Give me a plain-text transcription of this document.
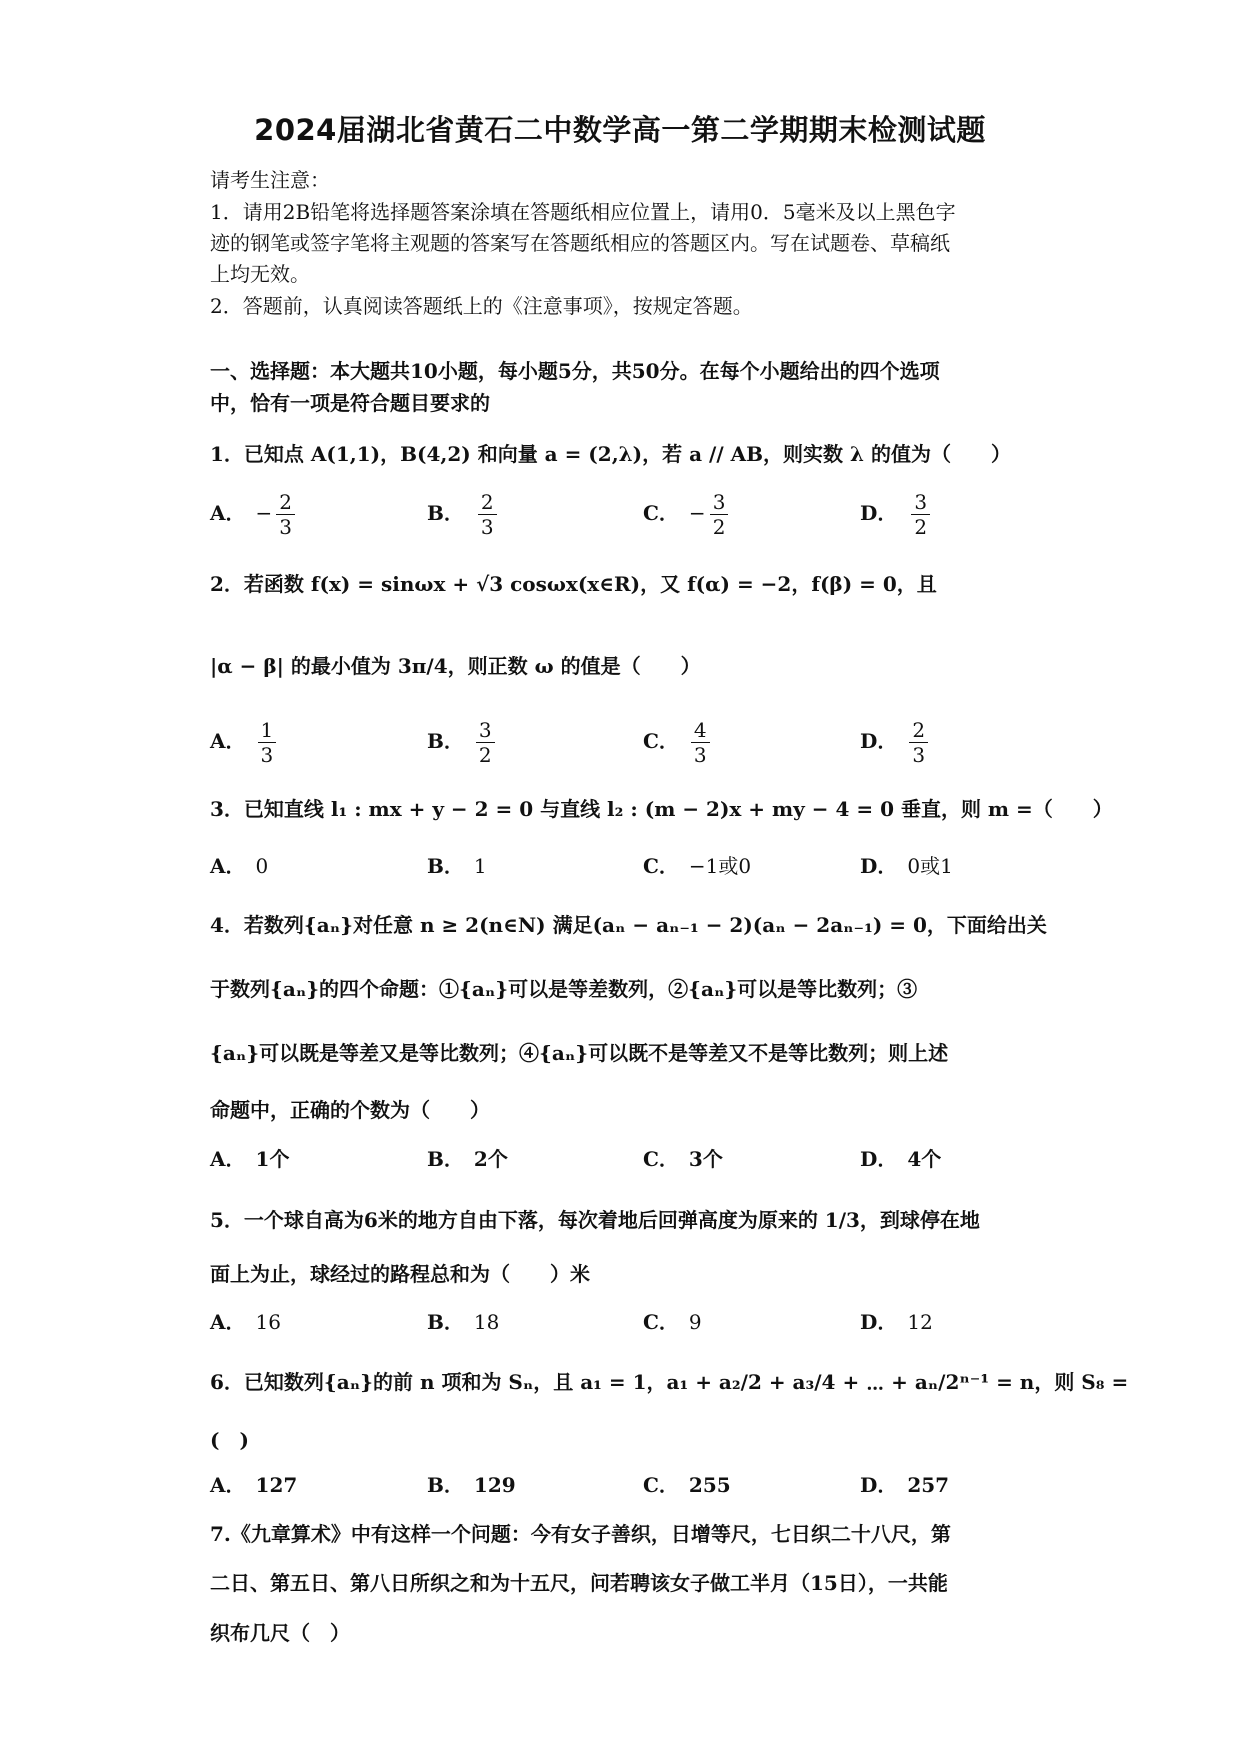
2024届湖北省黄石二中数学高一第二学期期末检测试题
请考生注意：
1．请用2B铅笔将选择题答案涂填在答题纸相应位置上，请用0．5毫米及以上黑色字
迹的钢笔或签字笔将主观题的答案写在答题纸相应的答题区内。写在试题卷、草稿纸
上均无效。
2．答题前，认真阅读答题纸上的《注意事项》，按规定答题。
一、选择题：本大题共10小题，每小题5分，共50分。在每个小题给出的四个选项
中，恰有一项是符合题目要求的
1．已知点 A(1,1)，B(4,2) 和向量 a = (2,λ)，若 a // AB，则实数 λ 的值为（　　）
A． − $\frac{2}{3}$	B． $\frac{2}{3}$	C． − $\frac{3}{2}$	D． $\frac{3}{2}$
2．若函数 f(x) = sinωx + √3 cosωx(x∈R)，又 f(α) = −2，f(β) = 0，且
|α − β| 的最小值为 3π/4，则正数 ω 的值是（　　）
A． $\frac{1}{3}$	B． $\frac{3}{2}$	C． $\frac{4}{3}$	D． $\frac{2}{3}$
3．已知直线 l₁ : mx + y − 2 = 0 与直线 l₂ : (m − 2)x + my − 4 = 0 垂直，则 m =（　　）
A． 0	B． 1	C． −1或0	D． 0或1
4．若数列{aₙ}对任意 n ≥ 2(n∈N) 满足(aₙ − aₙ₋₁ − 2)(aₙ − 2aₙ₋₁) = 0，下面给出关
于数列{aₙ}的四个命题：①{aₙ}可以是等差数列，②{aₙ}可以是等比数列；③
{aₙ}可以既是等差又是等比数列；④{aₙ}可以既不是等差又不是等比数列；则上述
命题中，正确的个数为（　　）
A． 1个	B． 2个	C． 3个	D． 4个
5．一个球自高为6米的地方自由下落，每次着地后回弹高度为原来的 1/3，到球停在地
面上为止，球经过的路程总和为（　　）米
A． 16	B． 18	C． 9	D． 12
6．已知数列{aₙ}的前 n 项和为 Sₙ，且 a₁ = 1，a₁ + a₂/2 + a₃/4 + ⋯ + aₙ/2ⁿ⁻¹ = n，则 S₈ =
(　)
A． 127	B． 129	C． 255	D． 257
7.《九章算术》中有这样一个问题：今有女子善织，日增等尺，七日织二十八尺，第
二日、第五日、第八日所织之和为十五尺，问若聘该女子做工半月（15日），一共能
织布几尺（　）
